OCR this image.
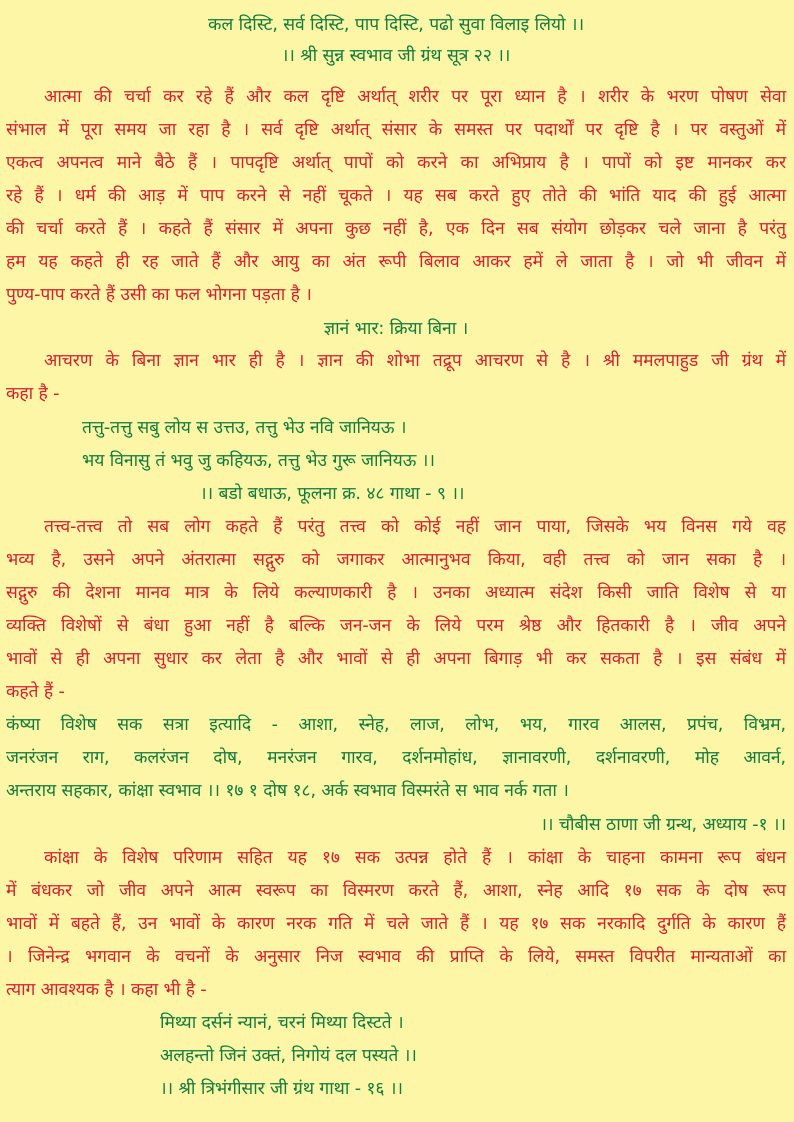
कल दिस्टि, सर्व दिस्टि, पाप दिस्टि, पढो सुवा विलाइ लियो ।।
।। श्री सुन्न स्वभाव जी ग्रंथ सूत्र २२ ।।
आत्मा की चर्चा कर रहे हैं और कल दृष्टि अर्थात् शरीर पर पूरा ध्यान है । शरीर के भरण पोषण सेवा
संभाल में पूरा समय जा रहा है । सर्व दृष्टि अर्थात् संसार के समस्त पर पदार्थों पर दृष्टि है । पर वस्तुओं में
एकत्व अपनत्व माने बैठे हैं । पापदृष्टि अर्थात् पापों को करने का अभिप्राय है । पापों को इष्ट मानकर कर
रहे हैं । धर्म की आड़ में पाप करने से नहीं चूकते । यह सब करते हुए तोते की भांति याद की हुई आत्मा
की चर्चा करते हैं । कहते हैं संसार में अपना कुछ नहीं है, एक दिन सब संयोग छोड़कर चले जाना है परंतु
हम यह कहते ही रह जाते हैं और आयु का अंत रूपी बिलाव आकर हमें ले जाता है । जो भी जीवन में
पुण्य-पाप करते हैं उसी का फल भोगना पड़ता है ।
ज्ञानं भार: क्रिया बिना ।
आचरण के बिना ज्ञान भार ही है । ज्ञान की शोभा तद्रूप आचरण से है । श्री ममलपाहुड जी ग्रंथ में
कहा है -
तत्तु-तत्तु सबु लोय स उत्तउ, तत्तु भेउ नवि जानियऊ ।
भय विनासु तं भवु जु कहियऊ, तत्तु भेउ गुरू जानियऊ ।।
।। बडो बधाऊ, फूलना क्र. ४८ गाथा - ९ ।।
तत्त्व-तत्त्व तो सब लोग कहते हैं परंतु तत्त्व को कोई नहीं जान पाया, जिसके भय विनस गये वह
भव्य है, उसने अपने अंतरात्मा सद्गुरु को जगाकर आत्मानुभव किया, वही तत्त्व को जान सका है ।
सद्गुरु की देशना मानव मात्र के लिये कल्याणकारी है । उनका अध्यात्म संदेश किसी जाति विशेष से या
व्यक्ति विशेषों से बंधा हुआ नहीं है बल्कि जन-जन के लिये परम श्रेष्ठ और हितकारी है । जीव अपने
भावों से ही अपना सुधार कर लेता है और भावों से ही अपना बिगाड़ भी कर सकता है । इस संबंध में
कहते हैं -
कंष्या विशेष सक सत्रा इत्यादि - आशा, स्नेह, लाज, लोभ, भय, गारव आलस, प्रपंच, विभ्रम,
जनरंजन राग, कलरंजन दोष, मनरंजन गारव, दर्शनमोहांध, ज्ञानावरणी, दर्शनावरणी, मोह आवर्न,
अन्तराय सहकार, कांक्षा स्वभाव ।। १७ १ दोष १८, अर्क स्वभाव विस्मरंते स भाव नर्क गता ।
।। चौबीस ठाणा जी ग्रन्थ, अध्याय -१ ।।
कांक्षा के विशेष परिणाम सहित यह १७ सक उत्पन्न होते हैं । कांक्षा के चाहना कामना रूप बंधन
में बंधकर जो जीव अपने आत्म स्वरूप का विस्मरण करते हैं, आशा, स्नेह आदि १७ सक के दोष रूप
भावों में बहते हैं, उन भावों के कारण नरक गति में चले जाते हैं । यह १७ सक नरकादि दुर्गति के कारण हैं
। जिनेन्द्र भगवान के वचनों के अनुसार निज स्वभाव की प्राप्ति के लिये, समस्त विपरीत मान्यताओं का
त्याग आवश्यक है । कहा भी है -
मिथ्या दर्सनं न्यानं, चरनं मिथ्या दिस्टते ।
अलहन्तो जिनं उक्तं, निगोयं दल पस्यते ।।
।। श्री त्रिभंगीसार जी ग्रंथ गाथा - १६ ।।
